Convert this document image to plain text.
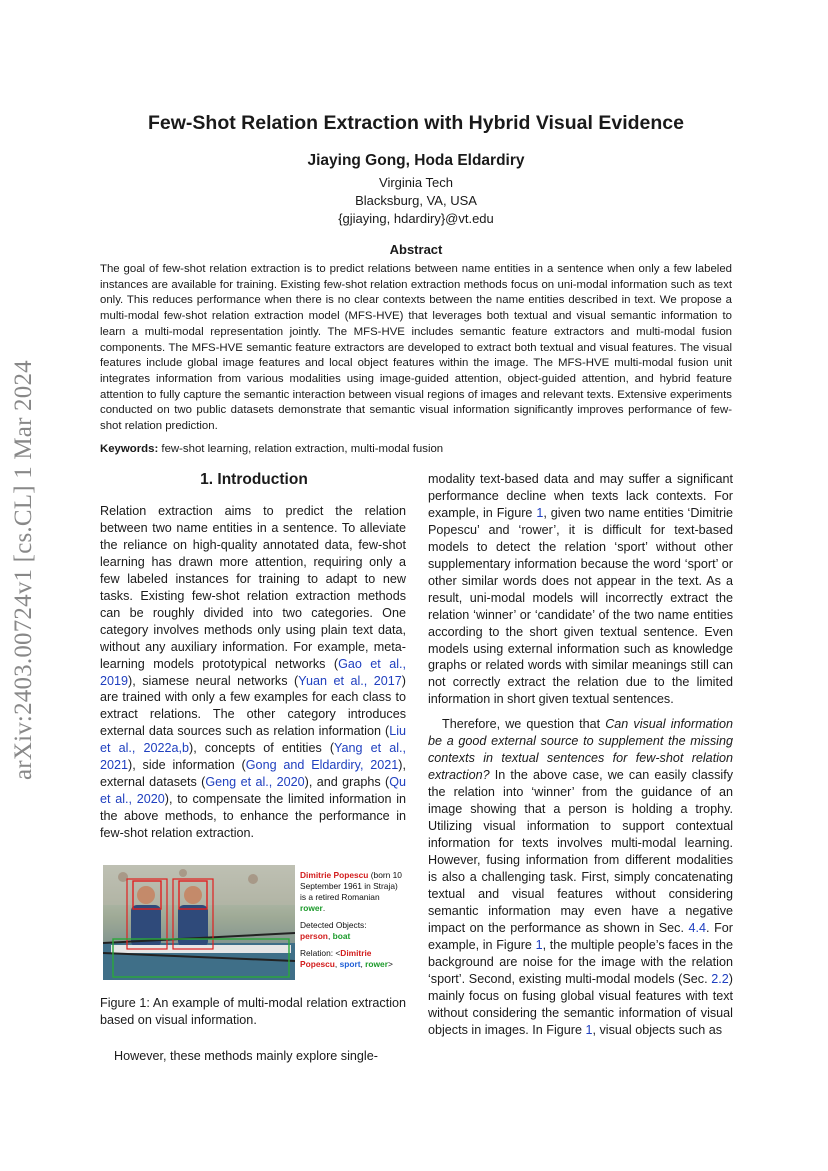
arXiv:2403.00724v1 [cs.CL] 1 Mar 2024
Few-Shot Relation Extraction with Hybrid Visual Evidence
Jiaying Gong, Hoda Eldardiry
Virginia Tech
Blacksburg, VA, USA
{gjiaying, hdardiry}@vt.edu
Abstract

The goal of few-shot relation extraction is to predict relations between name entities in a sentence when only a few labeled instances are available for training. Existing few-shot relation extraction methods focus on uni-modal information such as text only. This reduces performance when there is no clear contexts between the name entities described in text. We propose a multi-modal few-shot relation extraction model (MFS-HVE) that leverages both textual and visual semantic information to learn a multi-modal representation jointly. The MFS-HVE includes semantic feature extractors and multi-modal fusion components. The MFS-HVE semantic feature extractors are developed to extract both textual and visual features. The visual features include global image features and local object features within the image. The MFS-HVE multi-modal fusion unit integrates information from various modalities using image-guided attention, object-guided attention, and hybrid feature attention to fully capture the semantic interaction between visual regions of images and relevant texts. Extensive experiments conducted on two public datasets demonstrate that semantic visual information significantly improves performance of few-shot relation prediction.

Keywords: few-shot learning, relation extraction, multi-modal fusion
1. Introduction

Relation extraction aims to predict the relation between two name entities in a sentence. To alleviate the reliance on high-quality annotated data, few-shot learning has drawn more attention, requiring only a few labeled instances for training to adapt to new tasks. Existing few-shot relation extraction methods can be roughly divided into two categories. One category involves methods only using plain text data, without any auxiliary information. For example, meta-learning models prototypical networks (Gao et al., 2019), siamese neural networks (Yuan et al., 2017) are trained with only a few examples for each class to extract relations. The other category introduces external data sources such as relation information (Liu et al., 2022a,b), concepts of entities (Yang et al., 2021), side information (Gong and Eldardiry, 2021), external datasets (Geng et al., 2020), and graphs (Qu et al., 2020), to compensate the limited information in the above methods, to enhance the performance in few-shot relation extraction.

Dimitrie Popescu (born 10 September 1961 in Straja) is a retired Romanian rower.

Detected Objects:
person, boat

Relation: <Dimitrie Popescu, sport, rower>

Figure 1: An example of multi-modal relation extraction based on visual information.
However, these methods mainly explore single-

modality text-based data and may suffer a significant performance decline when texts lack contexts. For example, in Figure 1, given two name entities ‘Dimitrie Popescu’ and ‘rower’, it is difficult for text-based models to detect the relation ‘sport’ without other supplementary information because the word ‘sport’ or other similar words does not appear in the text. As a result, uni-modal models will incorrectly extract the relation ‘winner’ or ‘candidate’ of the two name entities according to the short given textual sentence. Even models using external information such as knowledge graphs or related words with similar meanings still can not correctly extract the relation due to the limited information in short given textual sentences.

Therefore, we question that Can visual information be a good external source to supplement the missing contexts in textual sentences for few-shot relation extraction? In the above case, we can easily classify the relation into ‘winner’ from the guidance of an image showing that a person is holding a trophy. Utilizing visual information to support contextual information for texts involves multi-modal learning. However, fusing information from different modalities is also a challenging task. First, simply concatenating textual and visual features without considering semantic information may even have a negative impact on the performance as shown in Sec. 4.4. For example, in Figure 1, the multiple people’s faces in the background are noise for the image with the relation ‘sport’. Second, existing multi-modal models (Sec. 2.2) mainly focus on fusing global visual features with text without considering the semantic information of visual objects in images. In Figure 1, visual objects such as
